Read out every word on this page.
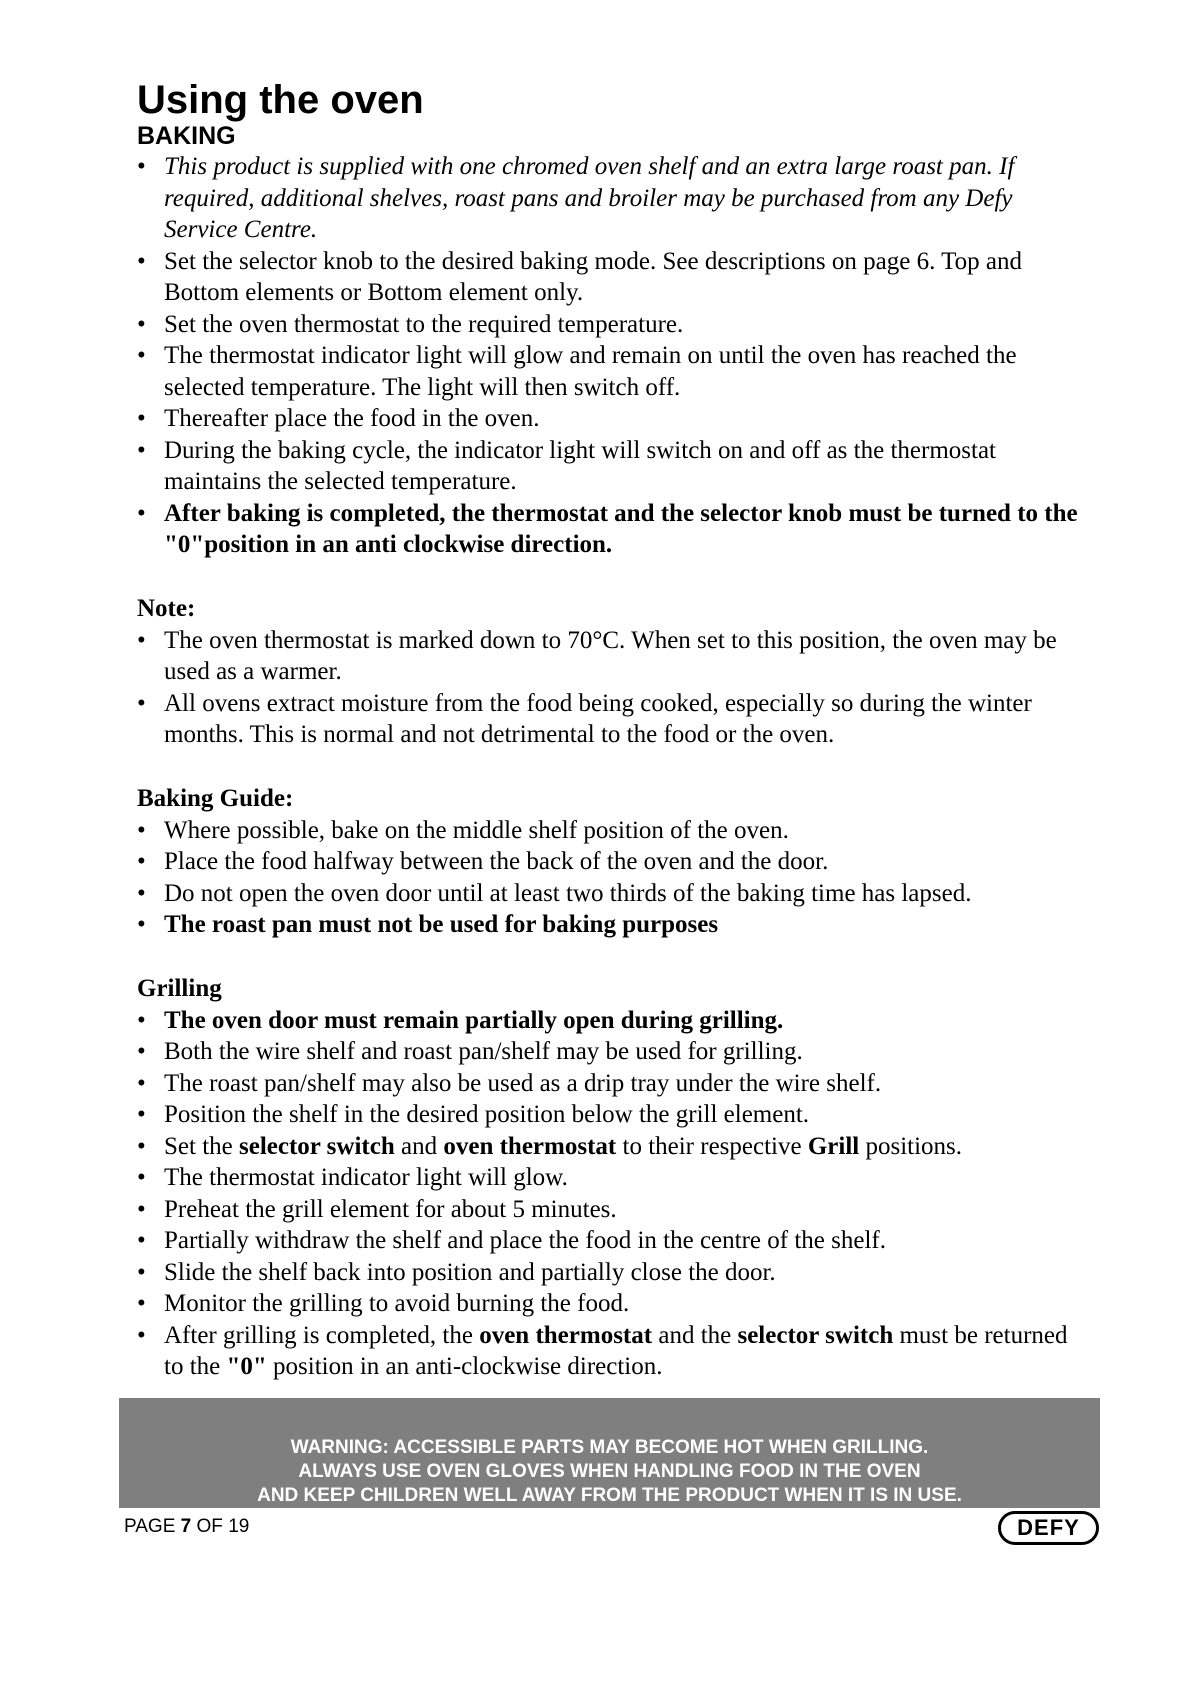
Using the oven
BAKING
• This product is supplied with one chromed oven shelf and an extra large roast pan. If required, additional shelves, roast pans and broiler may be purchased from any Defy Service Centre.
• Set the selector knob to the desired baking mode. See descriptions on page 6. Top and Bottom elements or Bottom element only.
• Set the oven thermostat to the required temperature.
• The thermostat indicator light will glow and remain on until the oven has reached the selected temperature. The light will then switch off.
• Thereafter place the food in the oven.
• During the baking cycle, the indicator light will switch on and off as the thermostat maintains the selected temperature.
• After baking is completed, the thermostat and the selector knob must be turned to the "0"position in an anti clockwise direction.
Note:
• The oven thermostat is marked down to 70°C. When set to this position, the oven may be used as a warmer.
• All ovens extract moisture from the food being cooked, especially so during the winter months. This is normal and not detrimental to the food or the oven.
Baking Guide:
• Where possible, bake on the middle shelf position of the oven.
• Place the food halfway between the back of the oven and the door.
• Do not open the oven door until at least two thirds of the baking time has lapsed.
• The roast pan must not be used for baking purposes
Grilling
• The oven door must remain partially open during grilling.
• Both the wire shelf and roast pan/shelf may be used for grilling.
• The roast pan/shelf may also be used as a drip tray under the wire shelf.
• Position the shelf in the desired position below the grill element.
• Set the selector switch and oven thermostat to their respective Grill positions.
• The thermostat indicator light will glow.
• Preheat the grill element for about 5 minutes.
• Partially withdraw the shelf and place the food in the centre of the shelf.
• Slide the shelf back into position and partially close the door.
• Monitor the grilling to avoid burning the food.
• After grilling is completed, the oven thermostat and the selector switch must be returned to the "0" position in an anti-clockwise direction.
WARNING: ACCESSIBLE PARTS MAY BECOME HOT WHEN GRILLING.
ALWAYS USE OVEN GLOVES WHEN HANDLING FOOD IN THE OVEN
AND KEEP CHILDREN WELL AWAY FROM THE PRODUCT WHEN IT IS IN USE.
PAGE 7 OF 19	DEFY
